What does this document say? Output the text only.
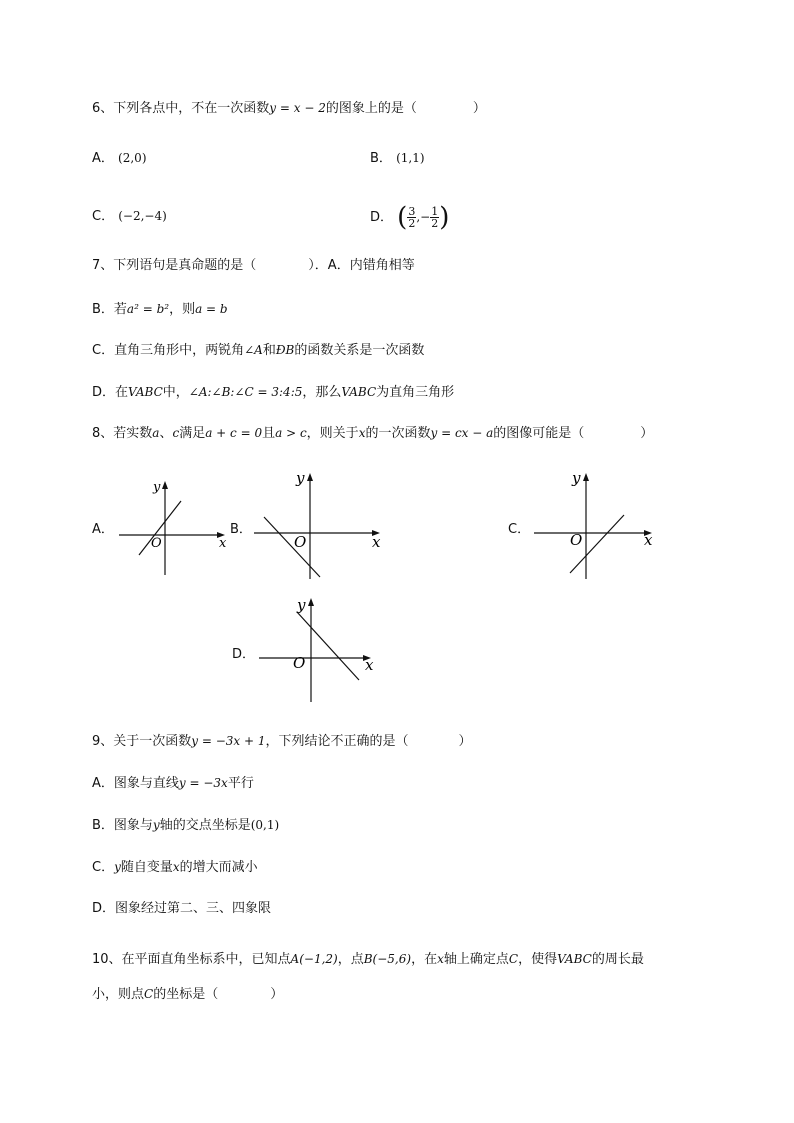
6、下列各点中，不在一次函数y = x − 2的图象上的是（	）
A． (2,0)	B． (1,1)
C． (−2,−4)	D． ( $\frac{3}{2}$ ,− $\frac{1}{2}$ )
7、下列语句是真命题的是（	）．A．内错角相等
B．若a² = b²，则a = b
C．直角三角形中，两锐角∠A和ÐB的函数关系是一次函数
D．在VABC中，∠A:∠B:∠C = 3:4:5，那么VABC为直角三角形
8、若实数a、c满足a + c = 0且a > c，则关于x的一次函数y = cx − a的图像可能是（	）
A．
y
x
O
B．
y
x
O
C．
y
x
O
D．
y
x
O
9、关于一次函数y = −3x + 1，下列结论不正确的是（	）
A．图象与直线y = −3x平行
B．图象与y轴的交点坐标是(0,1)
C．y随自变量x的增大而减小
D．图象经过第二、三、四象限
10、在平面直角坐标系中，已知点A(−1,2)，点B(−5,6)，在x轴上确定点C，使得VABC的周长最
小，则点C的坐标是（	）
